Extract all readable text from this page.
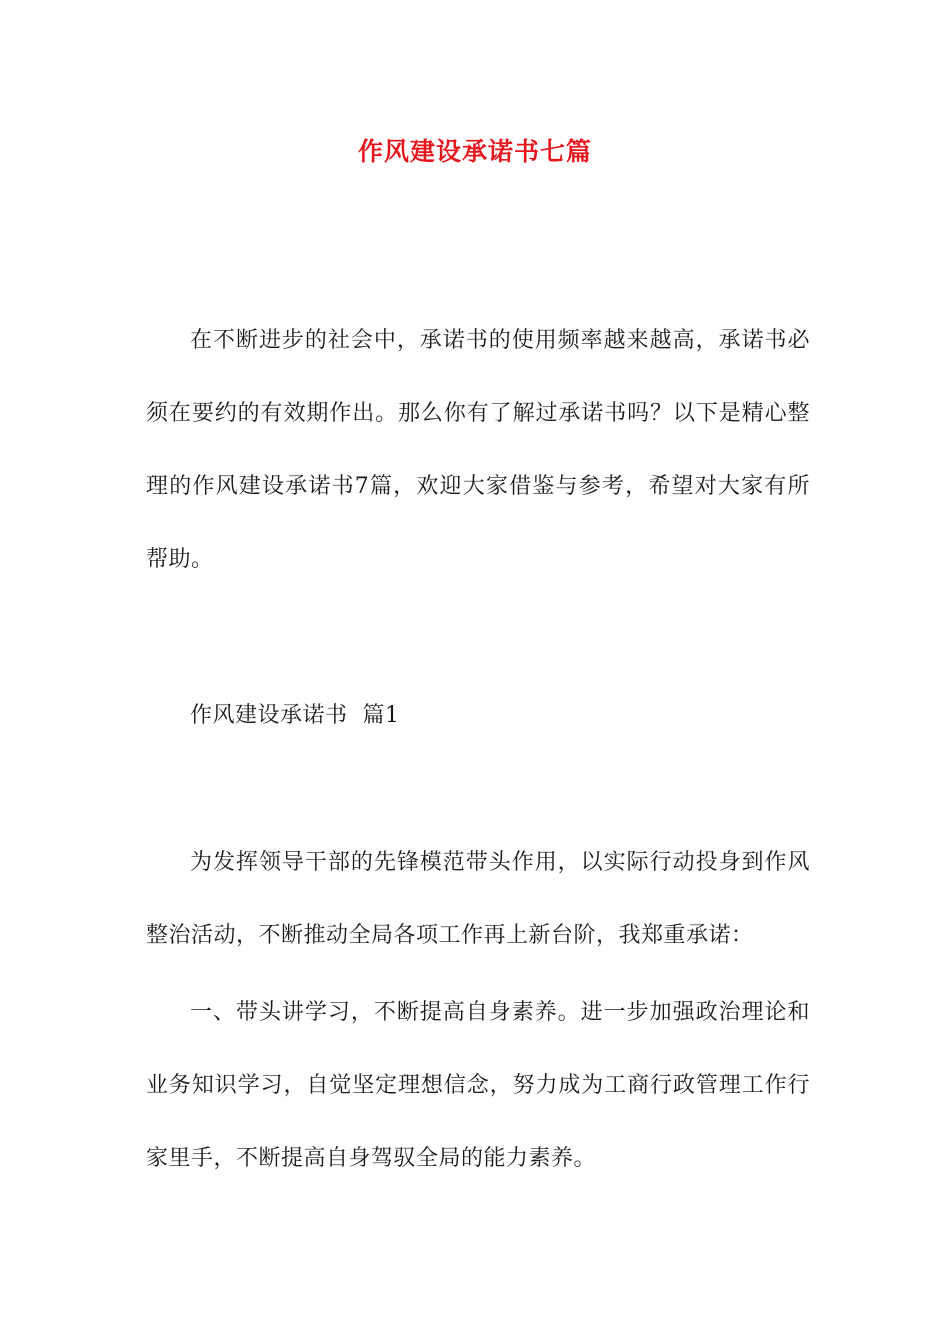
作风建设承诺书七篇

在不断进步的社会中，承诺书的使用频率越来越高，承诺书必须在要约的有效期作出。那么你有了解过承诺书吗？以下是精心整理的作风建设承诺书7篇，欢迎大家借鉴与参考，希望对大家有所帮助。

作风建设承诺书  篇1

为发挥领导干部的先锋模范带头作用，以实际行动投身到作风整治活动，不断推动全局各项工作再上新台阶，我郑重承诺：

一、带头讲学习，不断提高自身素养。进一步加强政治理论和业务知识学习，自觉坚定理想信念，努力成为工商行政管理工作行家里手，不断提高自身驾驭全局的能力素养。
